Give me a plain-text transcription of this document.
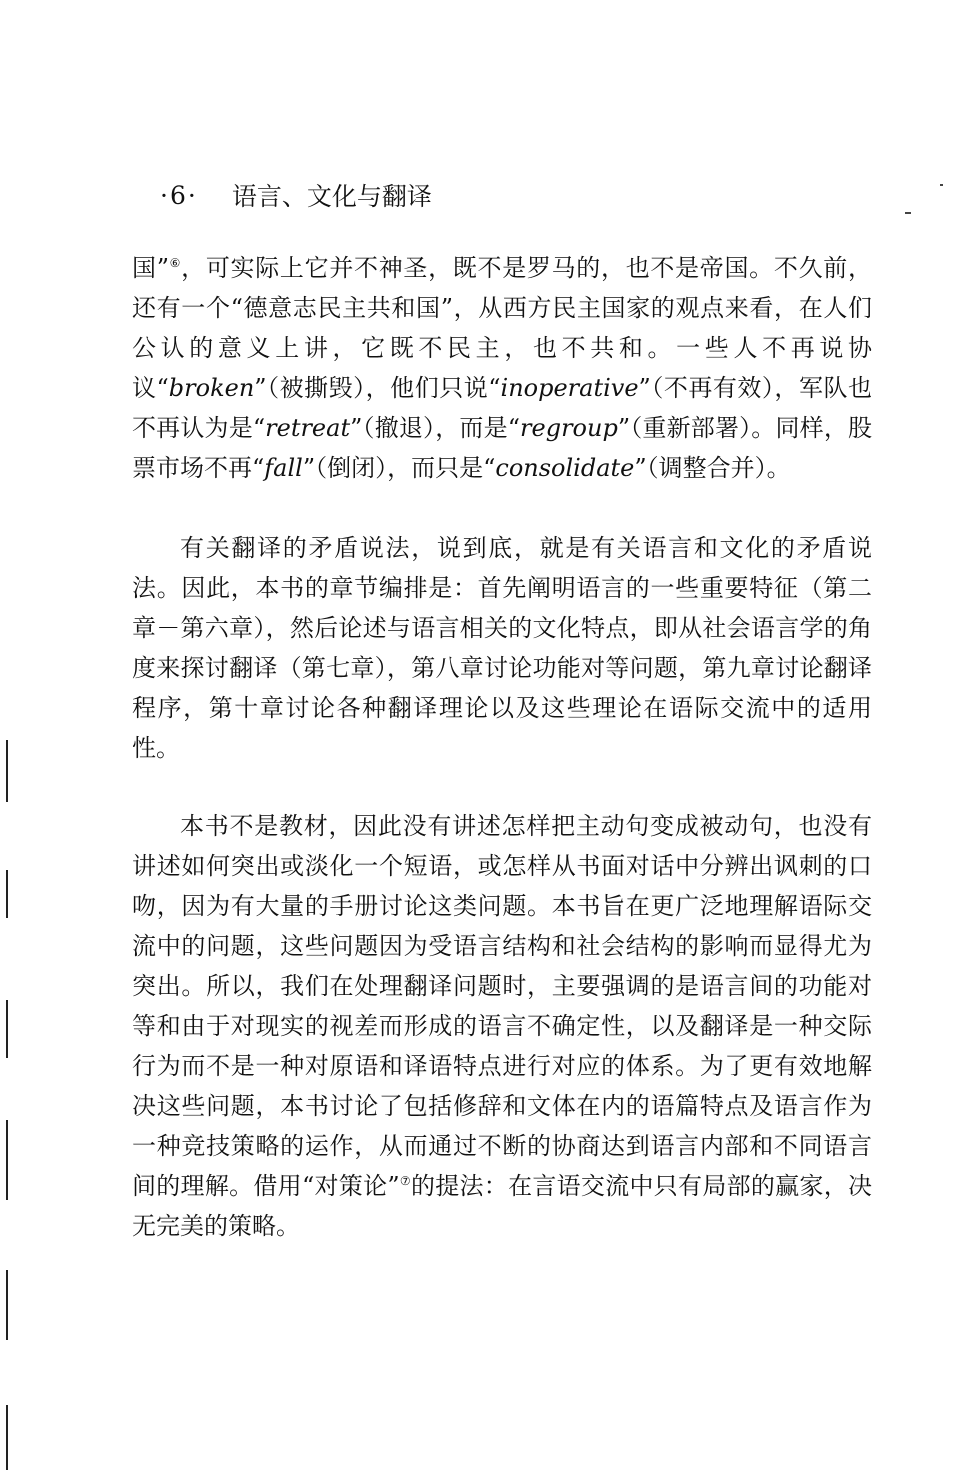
·6· 语言、文化与翻译

国”⑥，可实际上它并不神圣，既不是罗马的，也不是帝国。不久前，还有一个“德意志民主共和国”，从西方民主国家的观点来看，在人们公认的意义上讲，它既不民主，也不共和。一些人不再说协议“broken”（被撕毁），他们只说“inoperative”（不再有效），军队也不再认为是“retreat”（撤退），而是“regroup”（重新部署）。同样，股票市场不再“fall”（倒闭），而只是“consolidate”（调整合并）。

有关翻译的矛盾说法，说到底，就是有关语言和文化的矛盾说法。因此，本书的章节编排是：首先阐明语言的一些重要特征（第二章－第六章），然后论述与语言相关的文化特点，即从社会语言学的角度来探讨翻译（第七章），第八章讨论功能对等问题，第九章讨论翻译程序，第十章讨论各种翻译理论以及这些理论在语际交流中的适用性。

本书不是教材，因此没有讲述怎样把主动句变成被动句，也没有讲述如何突出或淡化一个短语，或怎样从书面对话中分辨出讽刺的口吻，因为有大量的手册讨论这类问题。本书旨在更广泛地理解语际交流中的问题，这些问题因为受语言结构和社会结构的影响而显得尤为突出。所以，我们在处理翻译问题时，主要强调的是语言间的功能对等和由于对现实的视差而形成的语言不确定性，以及翻译是一种交际行为而不是一种对原语和译语特点进行对应的体系。为了更有效地解决这些问题，本书讨论了包括修辞和文体在内的语篇特点及语言作为一种竞技策略的运作，从而通过不断的协商达到语言内部和不同语言间的理解。借用“对策论”⑦的提法：在言语交流中只有局部的赢家，决无完美的策略。
